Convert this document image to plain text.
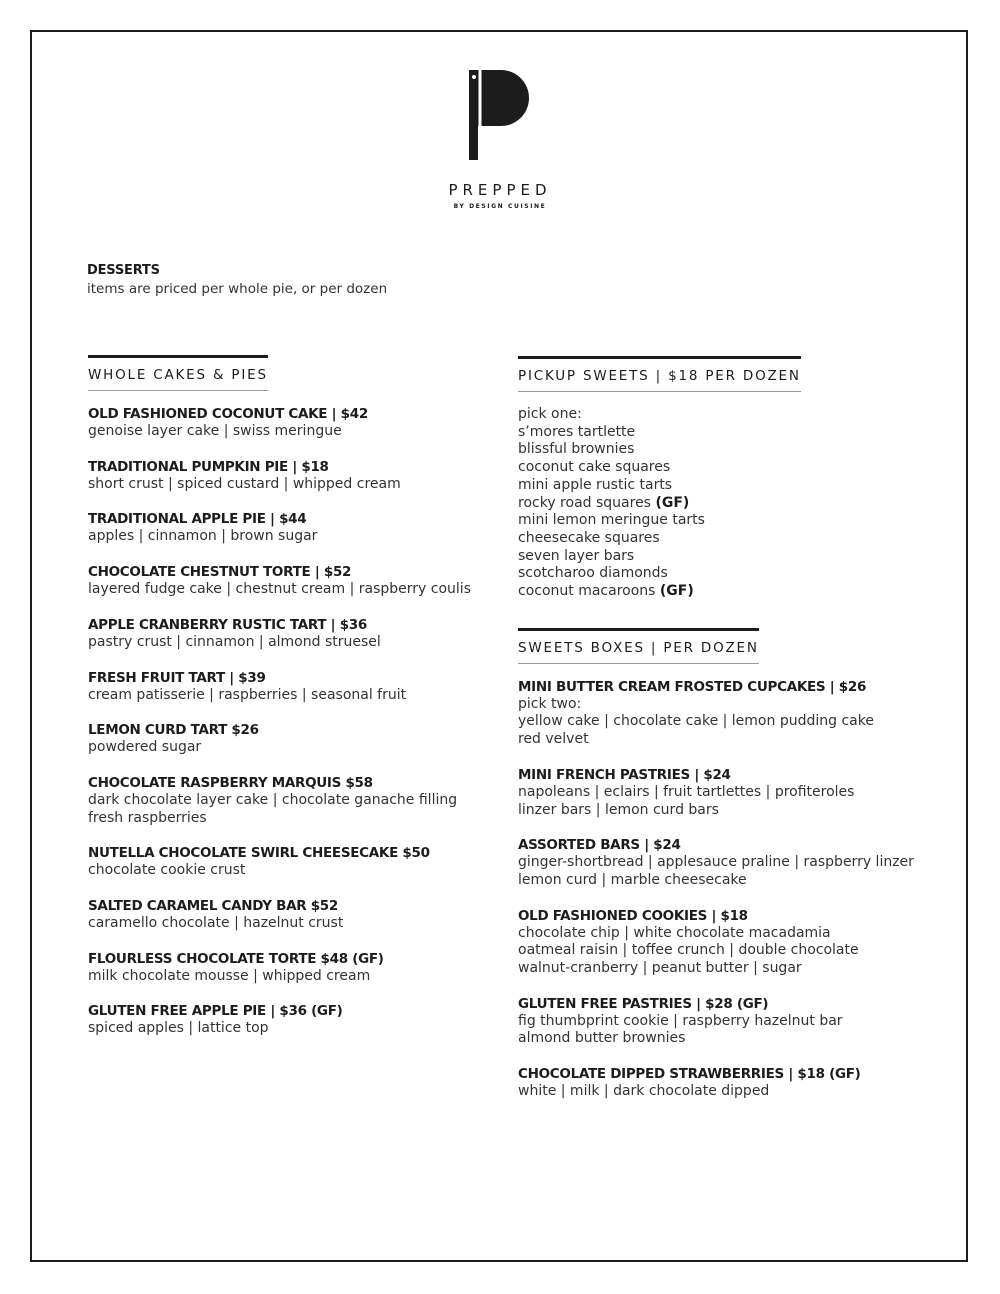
PREPPED
BY DESIGN CUISINE
DESSERTS
items are priced per whole pie, or per dozen
WHOLE CAKES & PIES
OLD FASHIONED COCONUT CAKE | $42
genoise layer cake | swiss meringue
TRADITIONAL PUMPKIN PIE | $18
short crust | spiced custard | whipped cream
TRADITIONAL APPLE PIE | $44
apples | cinnamon | brown sugar
CHOCOLATE CHESTNUT TORTE | $52
layered fudge cake | chestnut cream | raspberry coulis
APPLE CRANBERRY RUSTIC TART | $36
pastry crust | cinnamon | almond struesel
FRESH FRUIT TART | $39
cream patisserie | raspberries | seasonal fruit
LEMON CURD TART $26
powdered sugar
CHOCOLATE RASPBERRY MARQUIS $58
dark chocolate layer cake | chocolate ganache filling
fresh raspberries
NUTELLA CHOCOLATE SWIRL CHEESECAKE $50
chocolate cookie crust
SALTED CARAMEL CANDY BAR $52
caramello chocolate | hazelnut crust
FLOURLESS CHOCOLATE TORTE $48 (GF)
milk chocolate mousse | whipped cream
GLUTEN FREE APPLE PIE | $36 (GF)
spiced apples | lattice top
PICKUP SWEETS | $18 PER DOZEN
pick one:
s’mores tartlette
blissful brownies
coconut cake squares
mini apple rustic tarts
rocky road squares (GF)
mini lemon meringue tarts
cheesecake squares
seven layer bars
scotcharoo diamonds
coconut macaroons (GF)
SWEETS BOXES | PER DOZEN
MINI BUTTER CREAM FROSTED CUPCAKES | $26
pick two:
yellow cake | chocolate cake | lemon pudding cake
red velvet
MINI FRENCH PASTRIES | $24
napoleans | eclairs | fruit tartlettes | profiteroles
linzer bars | lemon curd bars
ASSORTED BARS | $24
ginger-shortbread | applesauce praline | raspberry linzer
lemon curd | marble cheesecake
OLD FASHIONED COOKIES | $18
chocolate chip | white chocolate macadamia
oatmeal raisin | toffee crunch | double chocolate
walnut-cranberry | peanut butter | sugar
GLUTEN FREE PASTRIES | $28 (GF)
fig thumbprint cookie | raspberry hazelnut bar
almond butter brownies
CHOCOLATE DIPPED STRAWBERRIES | $18 (GF)
white | milk | dark chocolate dipped
